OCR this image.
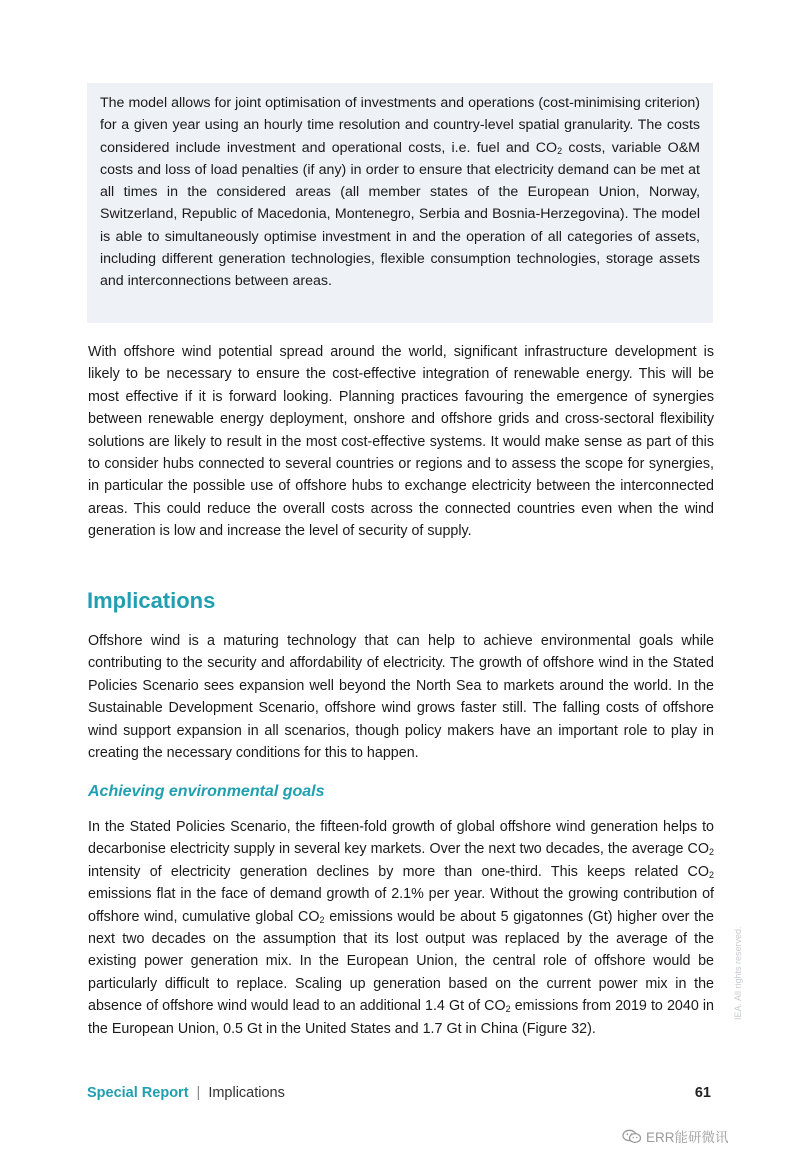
The model allows for joint optimisation of investments and operations (cost-minimising criterion) for a given year using an hourly time resolution and country-level spatial granularity. The costs considered include investment and operational costs, i.e. fuel and $CO_2$ costs, variable O&M costs and loss of load penalties (if any) in order to ensure that electricity demand can be met at all times in the considered areas (all member states of the European Union, Norway, Switzerland, Republic of Macedonia, Montenegro, Serbia and Bosnia-Herzegovina). The model is able to simultaneously optimise investment in and the operation of all categories of assets, including different generation technologies, flexible consumption technologies, storage assets and interconnections between areas.

With offshore wind potential spread around the world, significant infrastructure development is likely to be necessary to ensure the cost-effective integration of renewable energy. This will be most effective if it is forward looking. Planning practices favouring the emergence of synergies between renewable energy deployment, onshore and offshore grids and cross-sectoral flexibility solutions are likely to result in the most cost-effective systems. It would make sense as part of this to consider hubs connected to several countries or regions and to assess the scope for synergies, in particular the possible use of offshore hubs to exchange electricity between the interconnected areas. This could reduce the overall costs across the connected countries even when the wind generation is low and increase the level of security of supply.

Implications

Offshore wind is a maturing technology that can help to achieve environmental goals while contributing to the security and affordability of electricity. The growth of offshore wind in the Stated Policies Scenario sees expansion well beyond the North Sea to markets around the world. In the Sustainable Development Scenario, offshore wind grows faster still. The falling costs of offshore wind support expansion in all scenarios, though policy makers have an important role to play in creating the necessary conditions for this to happen.

Achieving environmental goals

In the Stated Policies Scenario, the fifteen-fold growth of global offshore wind generation helps to decarbonise electricity supply in several key markets. Over the next two decades, the average $CO_2$ intensity of electricity generation declines by more than one-third. This keeps related $CO_2$ emissions flat in the face of demand growth of 2.1% per year. Without the growing contribution of offshore wind, cumulative global $CO_2$ emissions would be about 5 gigatonnes (Gt) higher over the next two decades on the assumption that its lost output was replaced by the average of the existing power generation mix. In the European Union, the central role of offshore would be particularly difficult to replace. Scaling up generation based on the current power mix in the absence of offshore wind would lead to an additional 1.4 Gt of $CO_2$ emissions from 2019 to 2040 in the European Union, 0.5 Gt in the United States and 1.7 Gt in China (Figure 32).

Special Report | Implications	61
IEA. All rights reserved.
ERR能研微讯
